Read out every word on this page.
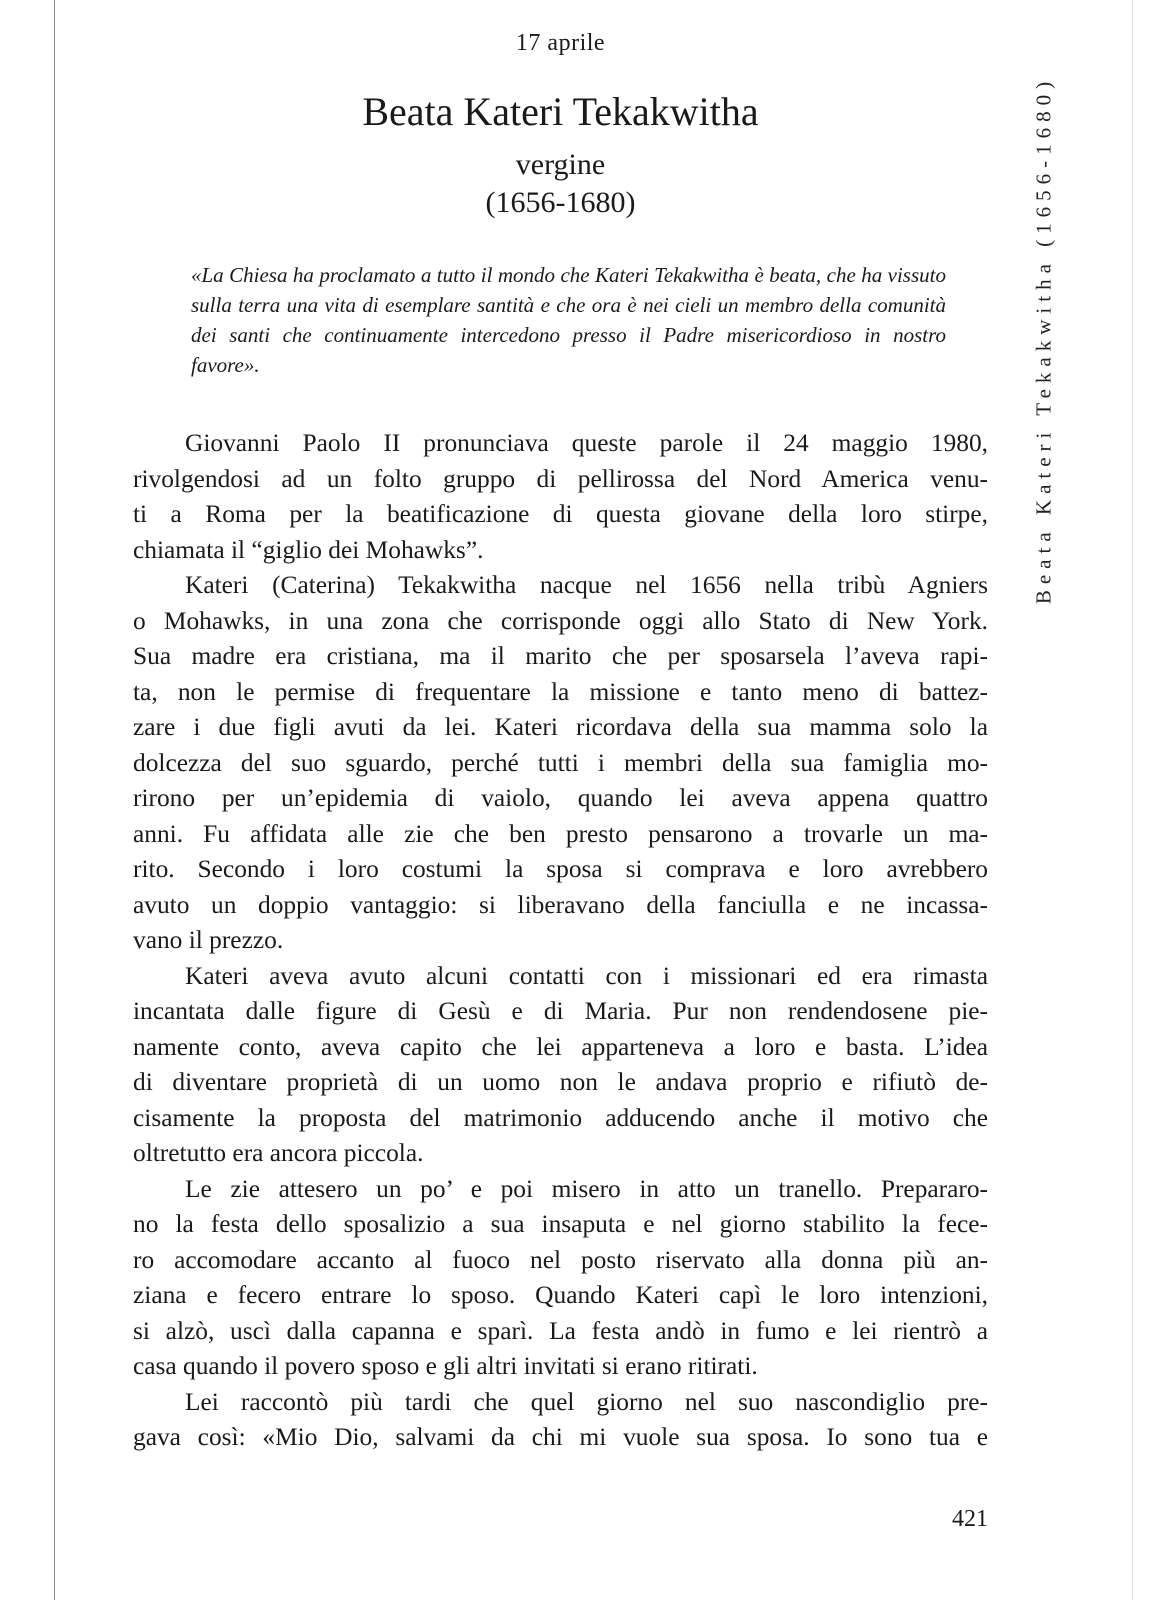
17 aprile
Beata Kateri Tekakwitha
vergine
(1656-1680)
«La Chiesa ha proclamato a tutto il mondo che Kateri Tekakwitha è beata, che ha vissuto sulla terra una vita di esemplare santità e che ora è nei cieli un membro della comunità dei santi che continuamente intercedono presso il Padre misericordioso in nostro favore».
Giovanni Paolo II pronunciava queste parole il 24 maggio 1980,
rivolgendosi ad un folto gruppo di pellirossa del Nord America venu-
ti a Roma per la beatificazione di questa giovane della loro stirpe,
chiamata il “giglio dei Mohawks”.
Kateri (Caterina) Tekakwitha nacque nel 1656 nella tribù Agniers
o Mohawks, in una zona che corrisponde oggi allo Stato di New York.
Sua madre era cristiana, ma il marito che per sposarsela l’aveva rapi-
ta, non le permise di frequentare la missione e tanto meno di battez-
zare i due figli avuti da lei. Kateri ricordava della sua mamma solo la
dolcezza del suo sguardo, perché tutti i membri della sua famiglia mo-
rirono per un’epidemia di vaiolo, quando lei aveva appena quattro
anni. Fu affidata alle zie che ben presto pensarono a trovarle un ma-
rito. Secondo i loro costumi la sposa si comprava e loro avrebbero
avuto un doppio vantaggio: si liberavano della fanciulla e ne incassa-
vano il prezzo.
Kateri aveva avuto alcuni contatti con i missionari ed era rimasta
incantata dalle figure di Gesù e di Maria. Pur non rendendosene pie-
namente conto, aveva capito che lei apparteneva a loro e basta. L’idea
di diventare proprietà di un uomo non le andava proprio e rifiutò de-
cisamente la proposta del matrimonio adducendo anche il motivo che
oltretutto era ancora piccola.
Le zie attesero un po’ e poi misero in atto un tranello. Prepararo-
no la festa dello sposalizio a sua insaputa e nel giorno stabilito la fece-
ro accomodare accanto al fuoco nel posto riservato alla donna più an-
ziana e fecero entrare lo sposo. Quando Kateri capì le loro intenzioni,
si alzò, uscì dalla capanna e sparì. La festa andò in fumo e lei rientrò a
casa quando il povero sposo e gli altri invitati si erano ritirati.
Lei raccontò più tardi che quel giorno nel suo nascondiglio pre-
gava così: «Mio Dio, salvami da chi mi vuole sua sposa. Io sono tua e
421
Beata Kateri Tekakwitha (1656-1680)
